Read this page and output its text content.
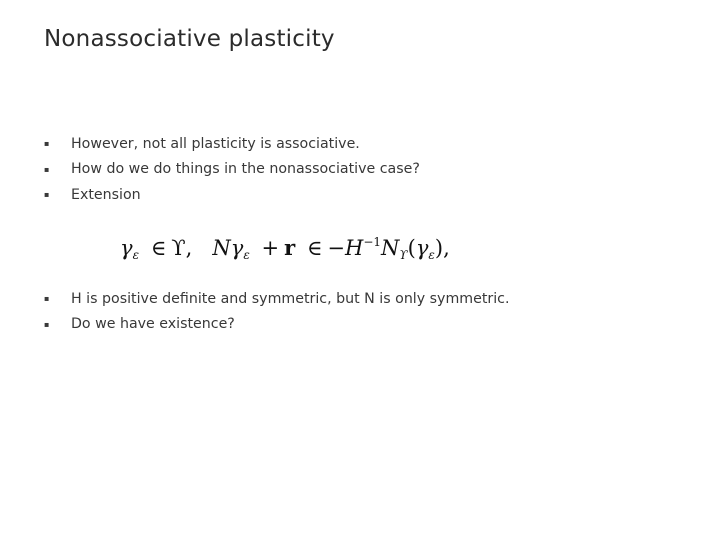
Nonassociative plasticity
▪	However, not all plasticity is associative.
▪	How do we do things in the nonassociative case?
▪	Extension
$\gamma_\varepsilon$ ∈ ϒ, $N\gamma_\varepsilon + r$ ∈ $-H^{-1}N_ϒ(\gamma_\varepsilon)$,
▪	H is positive definite and symmetric, but N is only symmetric.
▪	Do we have existence?
